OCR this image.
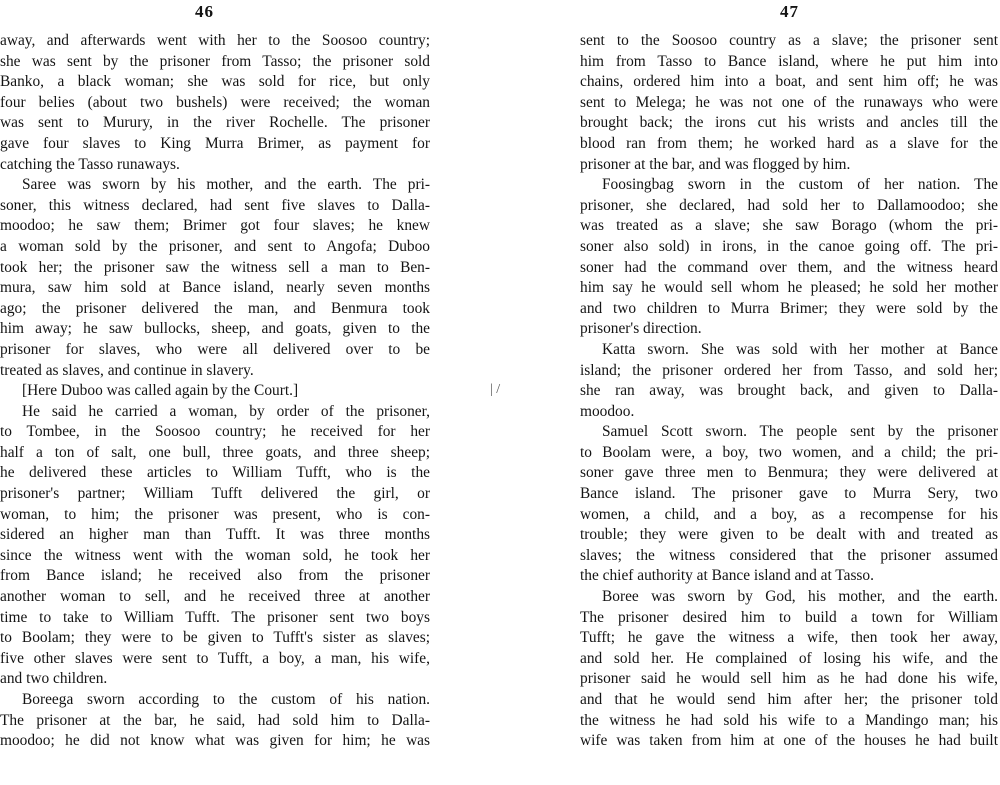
46
away, and afterwards went with her to the Soosoo country;
she was sent by the prisoner from Tasso; the prisoner sold
Banko, a black woman; she was sold for rice, but only
four belies (about two bushels) were received; the woman
was sent to Murury, in the river Rochelle. The prisoner
gave four slaves to King Murra Brimer, as payment for
catching the Tasso runaways.
Saree was sworn by his mother, and the earth. The pri-
soner, this witness declared, had sent five slaves to Dalla-
moodoo; he saw them; Brimer got four slaves; he knew
a woman sold by the prisoner, and sent to Angofa; Duboo
took her; the prisoner saw the witness sell a man to Ben-
mura, saw him sold at Bance island, nearly seven months
ago; the prisoner delivered the man, and Benmura took
him away; he saw bullocks, sheep, and goats, given to the
prisoner for slaves, who were all delivered over to be
treated as slaves, and continue in slavery.
[Here Duboo was called again by the Court.]
He said he carried a woman, by order of the prisoner,
to Tombee, in the Soosoo country; he received for her
half a ton of salt, one bull, three goats, and three sheep;
he delivered these articles to William Tufft, who is the
prisoner's partner; William Tufft delivered the girl, or
woman, to him; the prisoner was present, who is con-
sidered an higher man than Tufft. It was three months
since the witness went with the woman sold, he took her
from Bance island; he received also from the prisoner
another woman to sell, and he received three at another
time to take to William Tufft. The prisoner sent two boys
to Boolam; they were to be given to Tufft's sister as slaves;
five other slaves were sent to Tufft, a boy, a man, his wife,
and two children.
Boreega sworn according to the custom of his nation.
The prisoner at the bar, he said, had sold him to Dalla-
moodoo; he did not know what was given for him; he was
| /
47
sent to the Soosoo country as a slave; the prisoner sent
him from Tasso to Bance island, where he put him into
chains, ordered him into a boat, and sent him off; he was
sent to Melega; he was not one of the runaways who were
brought back; the irons cut his wrists and ancles till the
blood ran from them; he worked hard as a slave for the
prisoner at the bar, and was flogged by him.
Foosingbag sworn in the custom of her nation. The
prisoner, she declared, had sold her to Dallamoodoo; she
was treated as a slave; she saw Borago (whom the pri-
soner also sold) in irons, in the canoe going off. The pri-
soner had the command over them, and the witness heard
him say he would sell whom he pleased; he sold her mother
and two children to Murra Brimer; they were sold by the
prisoner's direction.
Katta sworn. She was sold with her mother at Bance
island; the prisoner ordered her from Tasso, and sold her;
she ran away, was brought back, and given to Dalla-
moodoo.
Samuel Scott sworn. The people sent by the prisoner
to Boolam were, a boy, two women, and a child; the pri-
soner gave three men to Benmura; they were delivered at
Bance island. The prisoner gave to Murra Sery, two
women, a child, and a boy, as a recompense for his
trouble; they were given to be dealt with and treated as
slaves; the witness considered that the prisoner assumed
the chief authority at Bance island and at Tasso.
Boree was sworn by God, his mother, and the earth.
The prisoner desired him to build a town for William
Tufft; he gave the witness a wife, then took her away,
and sold her. He complained of losing his wife, and the
prisoner said he would sell him as he had done his wife,
and that he would send him after her; the prisoner told
the witness he had sold his wife to a Mandingo man; his
wife was taken from him at one of the houses he had built
